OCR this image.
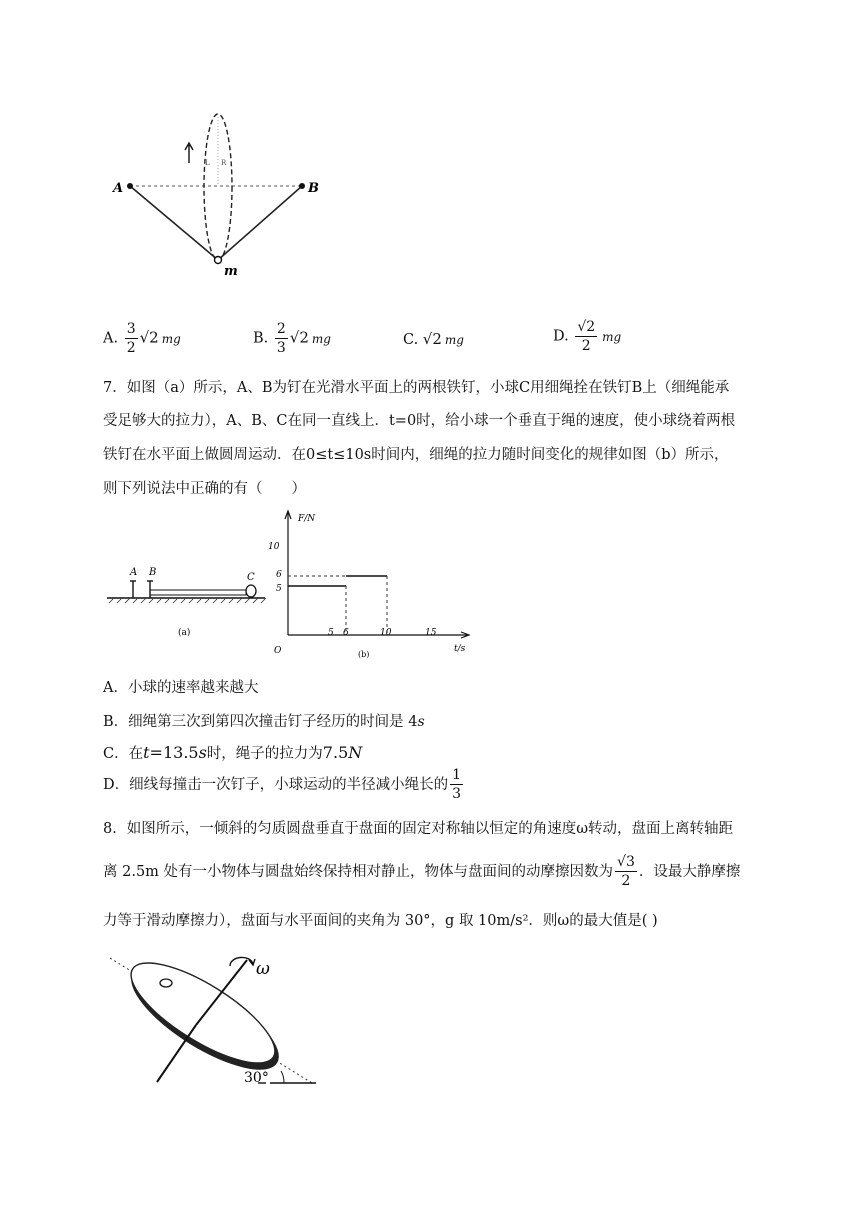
A	B
m
L R
A. $\frac{3}{2} √2$ mg	B. $\frac{2}{3} √2$ mg	C. √2 mg	D. $\frac{√2}{2}$ mg
7．如图（a）所示，A、B为钉在光滑水平面上的两根铁钉，小球C用细绳拴在铁钉B上（细绳能承
受足够大的拉力），A、B、C在同一直线上．t=0时，给小球一个垂直于绳的速度，使小球绕着两根
铁钉在水平面上做圆周运动．在0≤t≤10s时间内，细绳的拉力随时间变化的规律如图（b）所示，
则下列说法中正确的有（　　）
A B	C
(a)
F/N
t/s
O
10
6
5
5 6	10	15
(b)
A．小球的速率越来越大
B．细绳第三次到第四次撞击钉子经历的时间是 4s
C．在t=13.5s时，绳子的拉力为7.5N
D．细线每撞击一次钉子，小球运动的半径减小绳长的 $\frac{1}{3}$
8．如图所示，一倾斜的匀质圆盘垂直于盘面的固定对称轴以恒定的角速度ω转动，盘面上离转轴距
离 2.5m 处有一小物体与圆盘始终保持相对静止，物体与盘面间的动摩擦因数为 $\frac{√3}{2}$ ．设最大静摩擦
力等于滑动摩擦力），盘面与水平面间的夹角为 30°，g 取 10m/s²．则ω的最大值是( )
ω
30°
